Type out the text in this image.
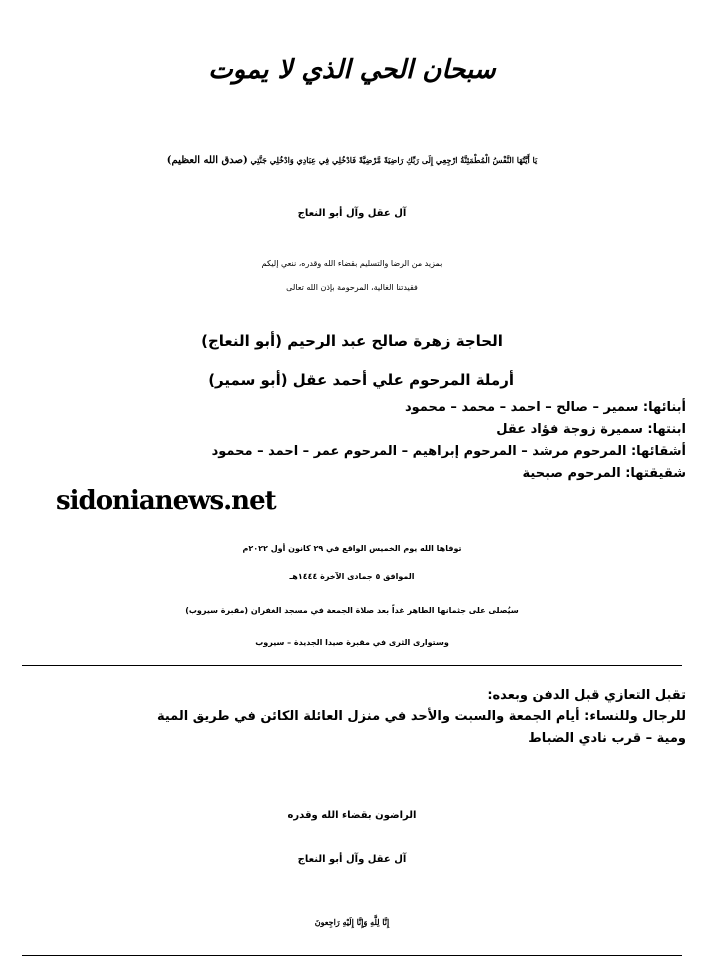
سبحان الحي الذي لا يموت
يَا أَيَّتُهَا النَّفْسُ الْمُطْمَئِنَّةُ ارْجِعِي إِلَى رَبِّكِ رَاضِيَةً مَّرْضِيَّةً فَادْخُلِي فِي عِبَادِي وَادْخُلِي جَنَّتِي (صدق الله العظيم)
آل عقل وآل أبو النعاج
بمزيد من الرضا والتسليم بقضاء الله وقدره، ننعي إليكم
فقيدتنا الغالية، المرحومة بإذن الله تعالى
الحاجة زهرة صالح عبد الرحيم (أبو النعاج)
أرملة المرحوم علي أحمد عقل (أبو سمير)
أبنائها: سمير – صالح – احمد – محمد – محمود
ابنتها: سميرة زوجة فؤاد عقل
أشقائها: المرحوم مرشد – المرحوم إبراهيم – المرحوم عمر – احمد – محمود
شقيقتها: المرحوم صبحية
sidonianews.net
توفاها الله يوم الخميس الواقع في ٢٩ كانون أول ٢٠٢٢م
الموافق ٥ جمادى الآخرة ١٤٤٤هـ
سيُصلى على جثمانها الطاهر غداً بعد صلاة الجمعة في مسجد الغفران (مقبرة سيروب)
وستوارى الثرى في مقبرة صيدا الجديدة – سيروب
تقبل التعازي قبل الدفن وبعده:
للرجال وللنساء: أيام الجمعة والسبت والأحد في منزل العائلة الكائن في طريق المية
ومية – قرب نادي الضباط
الراضون بقضاء الله وقدره
آل عقل وآل أبو النعاج
إِنَّا لِلَّهِ وَإِنَّا إِلَيْهِ رَاجِعونَ
